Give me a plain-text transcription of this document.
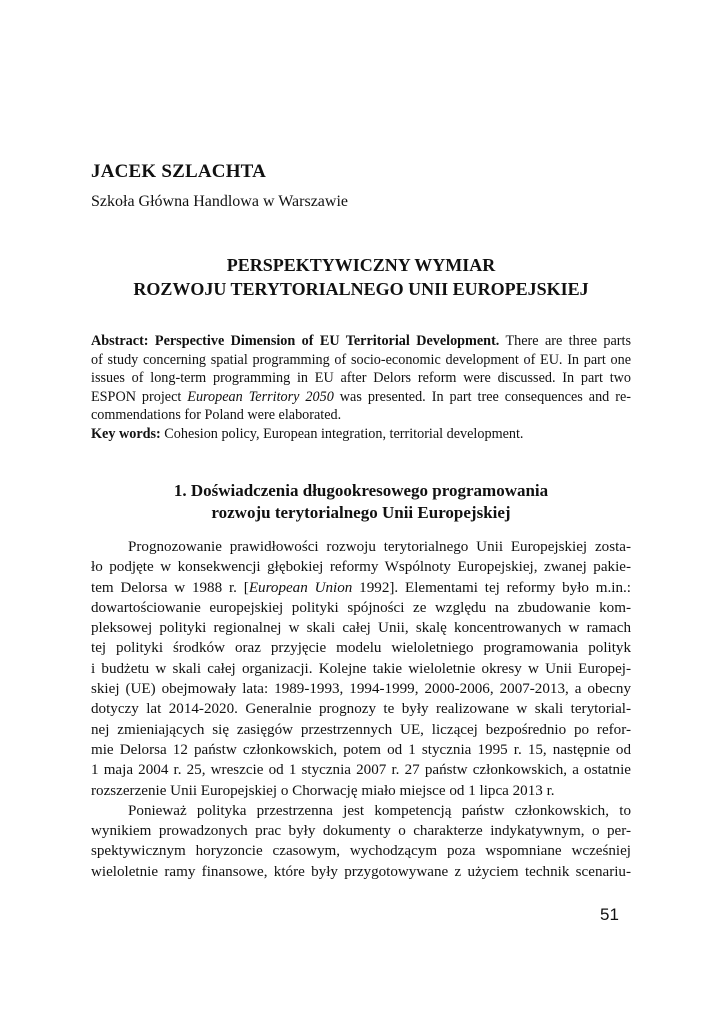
JACEK SZLACHTA

Szkoła Główna Handlowa w Warszawie

PERSPEKTYWICZNY WYMIAR
ROZWOJU TERYTORIALNEGO UNII EUROPEJSKIEJ
Abstract: Perspective Dimension of EU Territorial Development. There are three parts
of study concerning spatial programming of socio-economic development of EU. In part one
issues of long-term programming in EU after Delors reform were discussed. In part two
ESPON project European Territory 2050 was presented. In part tree consequences and re-
commendations for Poland were elaborated.
Key words: Cohesion policy, European integration, territorial development.
1. Doświadczenia długookresowego programowania
rozwoju terytorialnego Unii Europejskiej
Prognozowanie prawidłowości rozwoju terytorialnego Unii Europejskiej zosta-
ło podjęte w konsekwencji głębokiej reformy Wspólnoty Europejskiej, zwanej pakie-
tem Delorsa w 1988 r. [European Union 1992]. Elementami tej reformy było m.in.:
dowartościowanie europejskiej polityki spójności ze względu na zbudowanie kom-
pleksowej polityki regionalnej w skali całej Unii, skalę koncentrowanych w ramach
tej polityki środków oraz przyjęcie modelu wieloletniego programowania polityk
i budżetu w skali całej organizacji. Kolejne takie wieloletnie okresy w Unii Europej-
skiej (UE) obejmowały lata: 1989-1993, 1994-1999, 2000-2006, 2007-2013, a obecny
dotyczy lat 2014-2020. Generalnie prognozy te były realizowane w skali terytorial-
nej zmieniających się zasięgów przestrzennych UE, liczącej bezpośrednio po refor-
mie Delorsa 12 państw członkowskich, potem od 1 stycznia 1995 r. 15, następnie od
1 maja 2004 r. 25, wreszcie od 1 stycznia 2007 r. 27 państw członkowskich, a ostatnie
rozszerzenie Unii Europejskiej o Chorwację miało miejsce od 1 lipca 2013 r.
Ponieważ polityka przestrzenna jest kompetencją państw członkowskich, to
wynikiem prowadzonych prac były dokumenty o charakterze indykatywnym, o per-
spektywicznym horyzoncie czasowym, wychodzącym poza wspomniane wcześniej
wieloletnie ramy finansowe, które były przygotowywane z użyciem technik scenariu-

51
